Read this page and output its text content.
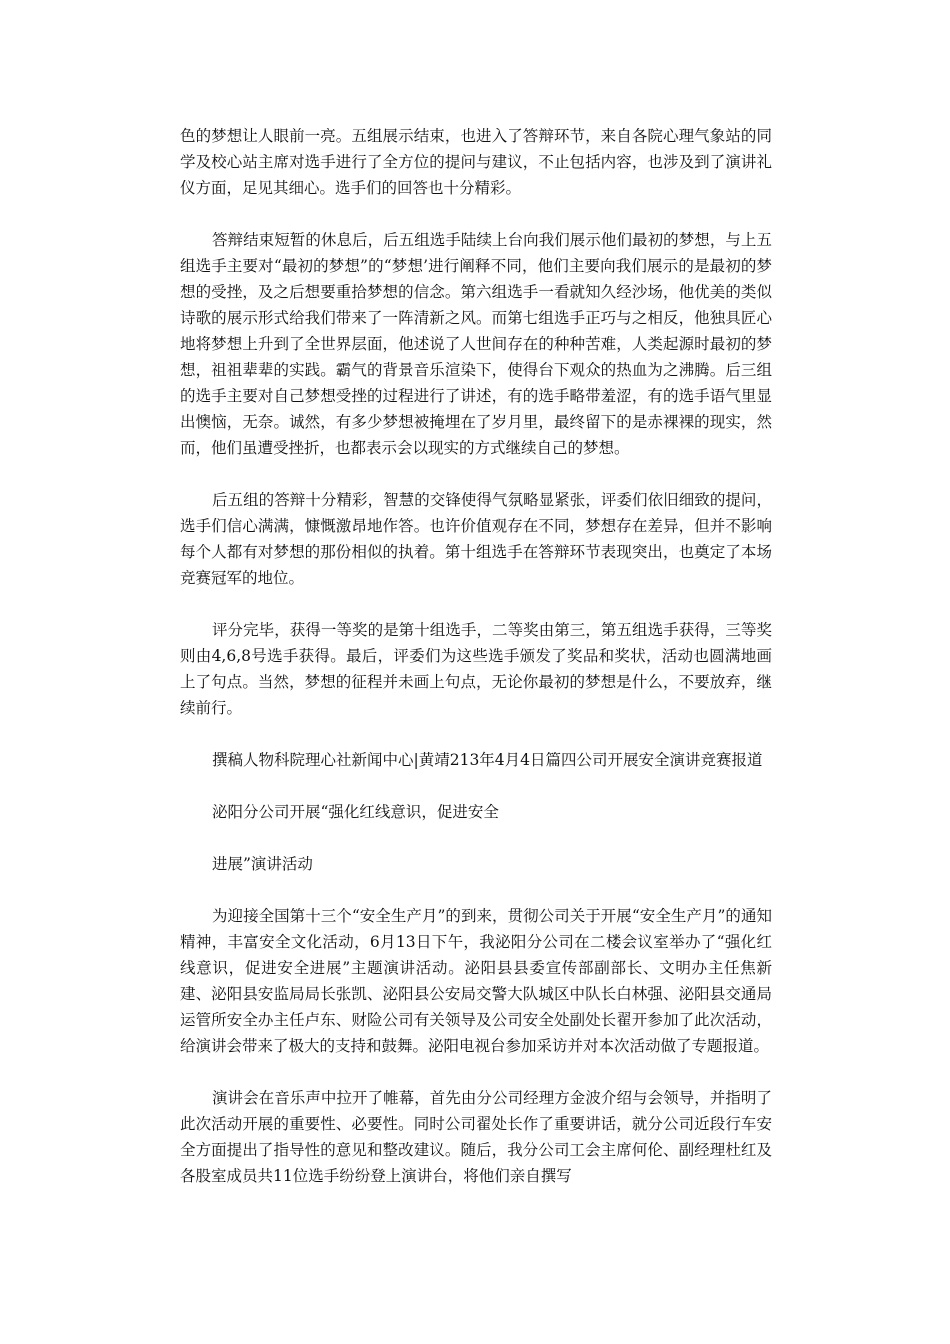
色的梦想让人眼前一亮。五组展示结束，也进入了答辩环节，来自各院心理气象站的同学及校心站主席对选手进行了全方位的提问与建议，不止包括内容，也涉及到了演讲礼仪方面，足见其细心。选手们的回答也十分精彩。

答辩结束短暂的休息后，后五组选手陆续上台向我们展示他们最初的梦想，与上五组选手主要对“最初的梦想”的“梦想’进行阐释不同，他们主要向我们展示的是最初的梦想的受挫，及之后想要重拾梦想的信念。第六组选手一看就知久经沙场，他优美的类似诗歌的展示形式给我们带来了一阵清新之风。而第七组选手正巧与之相反，他独具匠心地将梦想上升到了全世界层面，他述说了人世间存在的种种苦难，人类起源时最初的梦想，祖祖辈辈的实践。霸气的背景音乐渲染下，使得台下观众的热血为之沸腾。后三组的选手主要对自己梦想受挫的过程进行了讲述，有的选手略带羞涩，有的选手语气里显出懊恼，无奈。诚然，有多少梦想被掩埋在了岁月里，最终留下的是赤裸裸的现实，然而，他们虽遭受挫折，也都表示会以现实的方式继续自己的梦想。

后五组的答辩十分精彩，智慧的交锋使得气氛略显紧张，评委们依旧细致的提问，选手们信心满满，慷慨激昂地作答。也许价值观存在不同，梦想存在差异，但并不影响每个人都有对梦想的那份相似的执着。第十组选手在答辩环节表现突出，也奠定了本场竞赛冠军的地位。

评分完毕，获得一等奖的是第十组选手，二等奖由第三，第五组选手获得，三等奖则由4,6,8号选手获得。最后，评委们为这些选手颁发了奖品和奖状，活动也圆满地画上了句点。当然，梦想的征程并未画上句点，无论你最初的梦想是什么，不要放弃，继续前行。

撰稿人物科院理心社新闻中心|黄靖213年4月4日篇四公司开展安全演讲竞赛报道

泌阳分公司开展“强化红线意识，促进安全

进展”演讲活动

为迎接全国第十三个“安全生产月”的到来，贯彻公司关于开展“安全生产月”的通知精神，丰富安全文化活动，6月13日下午，我泌阳分公司在二楼会议室举办了“强化红线意识，促进安全进展”主题演讲活动。泌阳县县委宣传部副部长、文明办主任焦新建、泌阳县安监局局长张凯、泌阳县公安局交警大队城区中队长白林强、泌阳县交通局运管所安全办主任卢东、财险公司有关领导及公司安全处副处长翟开参加了此次活动，给演讲会带来了极大的支持和鼓舞。泌阳电视台参加采访并对本次活动做了专题报道。

演讲会在音乐声中拉开了帷幕，首先由分公司经理方金波介绍与会领导，并指明了此次活动开展的重要性、必要性。同时公司翟处长作了重要讲话，就分公司近段行车安全方面提出了指导性的意见和整改建议。随后，我分公司工会主席何伦、副经理杜红及各股室成员共11位选手纷纷登上演讲台，将他们亲自撰写
